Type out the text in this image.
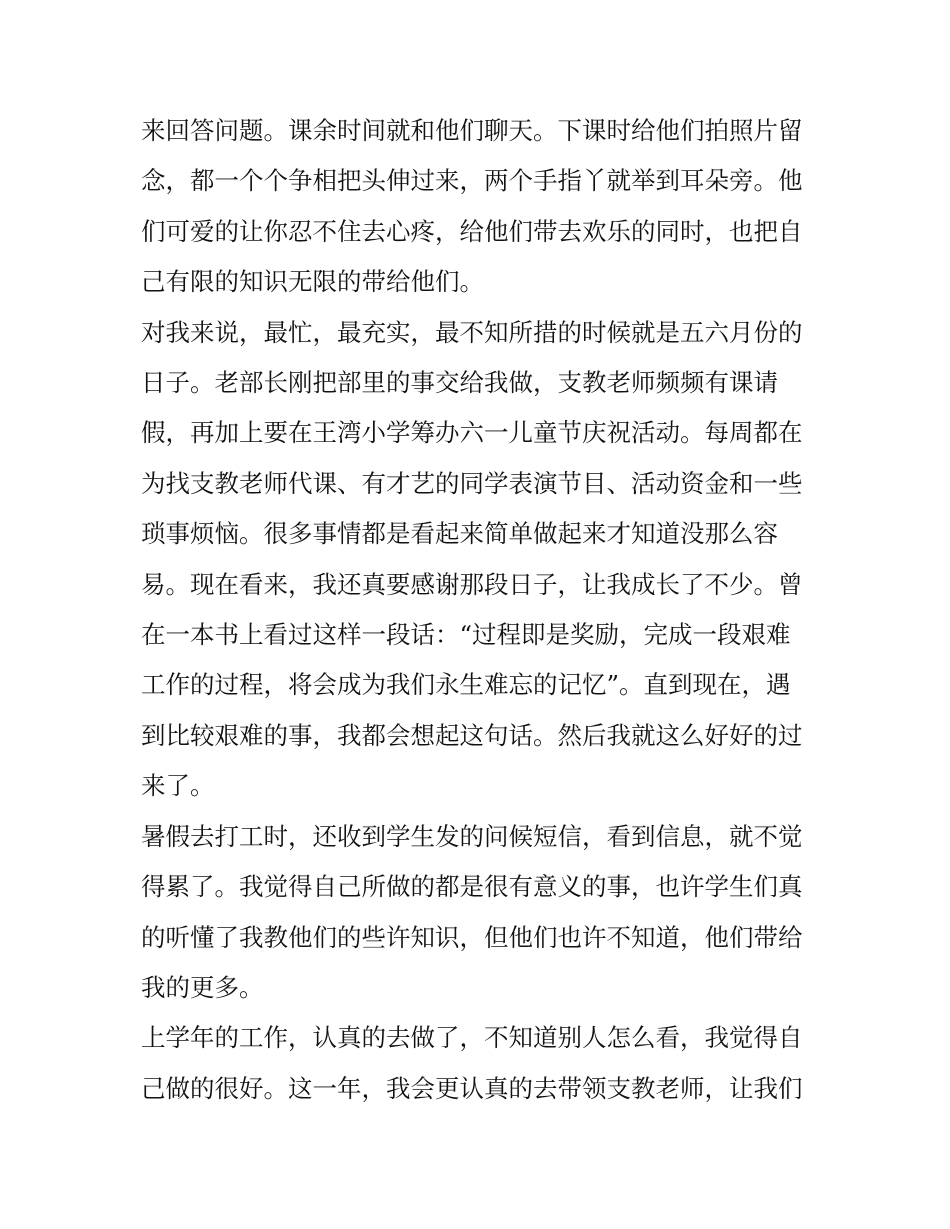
来回答问题。课余时间就和他们聊天。下课时给他们拍照片留念，都一个个争相把头伸过来，两个手指丫就举到耳朵旁。他们可爱的让你忍不住去心疼，给他们带去欢乐的同时，也把自己有限的知识无限的带给他们。

对我来说，最忙，最充实，最不知所措的时候就是五六月份的日子。老部长刚把部里的事交给我做，支教老师频频有课请假，再加上要在王湾小学筹办六一儿童节庆祝活动。每周都在为找支教老师代课、有才艺的同学表演节目、活动资金和一些琐事烦恼。很多事情都是看起来简单做起来才知道没那么容易。现在看来，我还真要感谢那段日子，让我成长了不少。曾在一本书上看过这样一段话：“过程即是奖励，完成一段艰难工作的过程，将会成为我们永生难忘的记忆”。直到现在，遇到比较艰难的事，我都会想起这句话。然后我就这么好好的过来了。

暑假去打工时，还收到学生发的问候短信，看到信息，就不觉得累了。我觉得自己所做的都是很有意义的事，也许学生们真的听懂了我教他们的些许知识，但他们也许不知道，他们带给我的更多。

上学年的工作，认真的去做了，不知道别人怎么看，我觉得自己做的很好。这一年，我会更认真的去带领支教老师，让我们
